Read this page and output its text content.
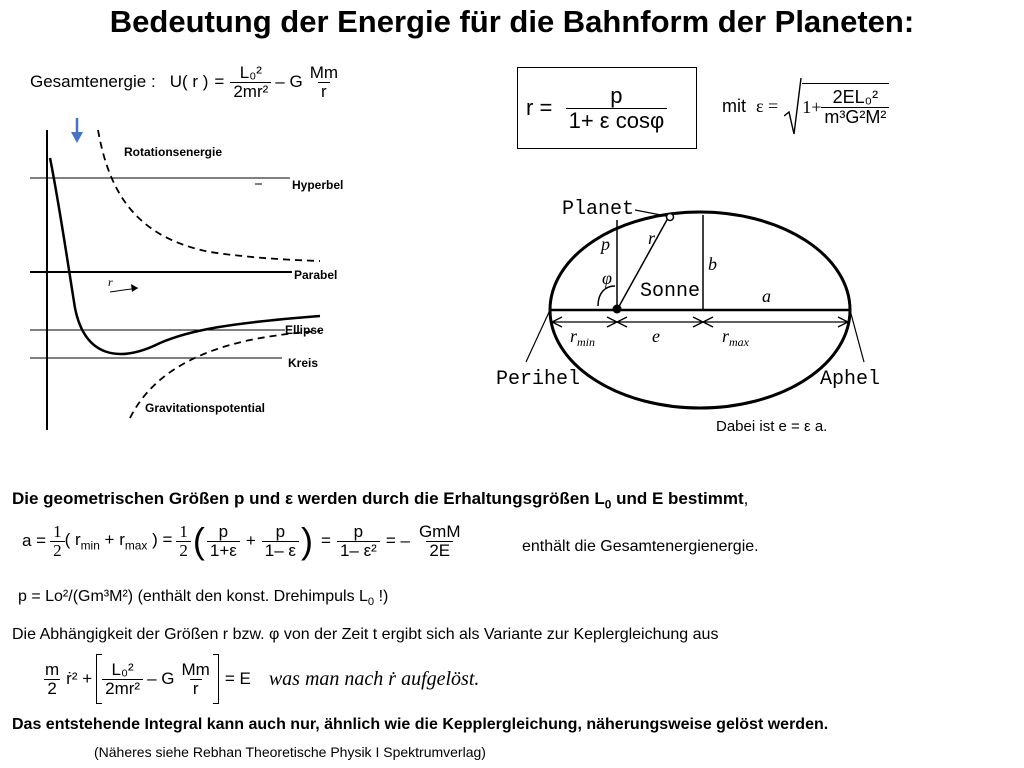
Bedeutung der Energie für die Bahnform der Planeten:
Gesamtenergie : U( r ) = $\frac{\text{L₀²}}{\text{2mr²}}$ – G $\frac{Mm}{r}$
r
Rotationsenergie
Hyperbel
Parabel
Ellipse
Kreis
Gravitationspotential
$r = \frac{p}{\text{1+ ε cosφ}}$	mit $\varepsilon = 1+ \frac{\text{2EL₀²}}{\text{m³G²M²}}$
Planet
Sonne
Perihel	Aphel
p r
φ
b
a
$r_{min}$	e	$r_{max}$
Dabei ist e = ε a.
Die geometrischen Größen p und ε werden durch die Erhaltungsgrößen $L_0$ und E bestimmt,
$a = \frac{1}{2}$ ( $r_{min} + r_{max}$ ) = $\frac{1}{2}$ ( $\frac{p}{1+\varepsilon} + \frac{p}{1- \varepsilon}$ ) = $\frac{p}{\text{1– ε²}}$ = – $\frac{\text{GmM}}{2E}$	enthält die Gesamtenergienergie.
p = Lo²/(Gm³M²) (enthält den konst. Drehimpuls $L_0$ !)
Die Abhängigkeit der Größen r bzw. φ von der Zeit t ergibt sich als Variante zur Keplergleichung aus
$\frac{m}{2}$ ṙ² + $\frac{\text{L₀²}}{\text{2mr²}} - G \frac{Mm}{r} = E$ was man nach ṙ aufgelöst.
Das entstehende Integral kann auch nur, ähnlich wie die Kepplergleichung, näherungsweise gelöst werden.
(Näheres siehe Rebhan Theoretische Physik I Spektrumverlag)
